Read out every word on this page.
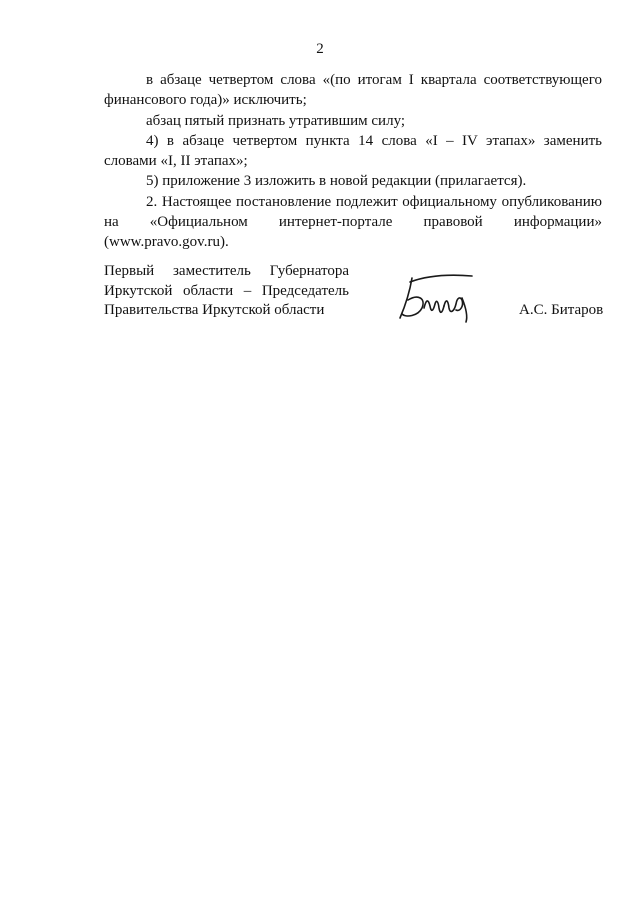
2

в абзаце четвертом слова «(по итогам I квартала соответствующего финансового года)» исключить;

абзац пятый признать утратившим силу;

4) в абзаце четвертом пункта 14 слова «I – IV этапах» заменить словами «I, II этапах»;

5) приложение 3 изложить в новой редакции (прилагается).

2. Настоящее постановление подлежит официальному опубликованию на «Официальном интернет-портале правовой информации» (www.pravo.gov.ru).

Первый заместитель Губернатора
Иркутской области – Председатель
Правительства Иркутской области	А.С. Битаров
